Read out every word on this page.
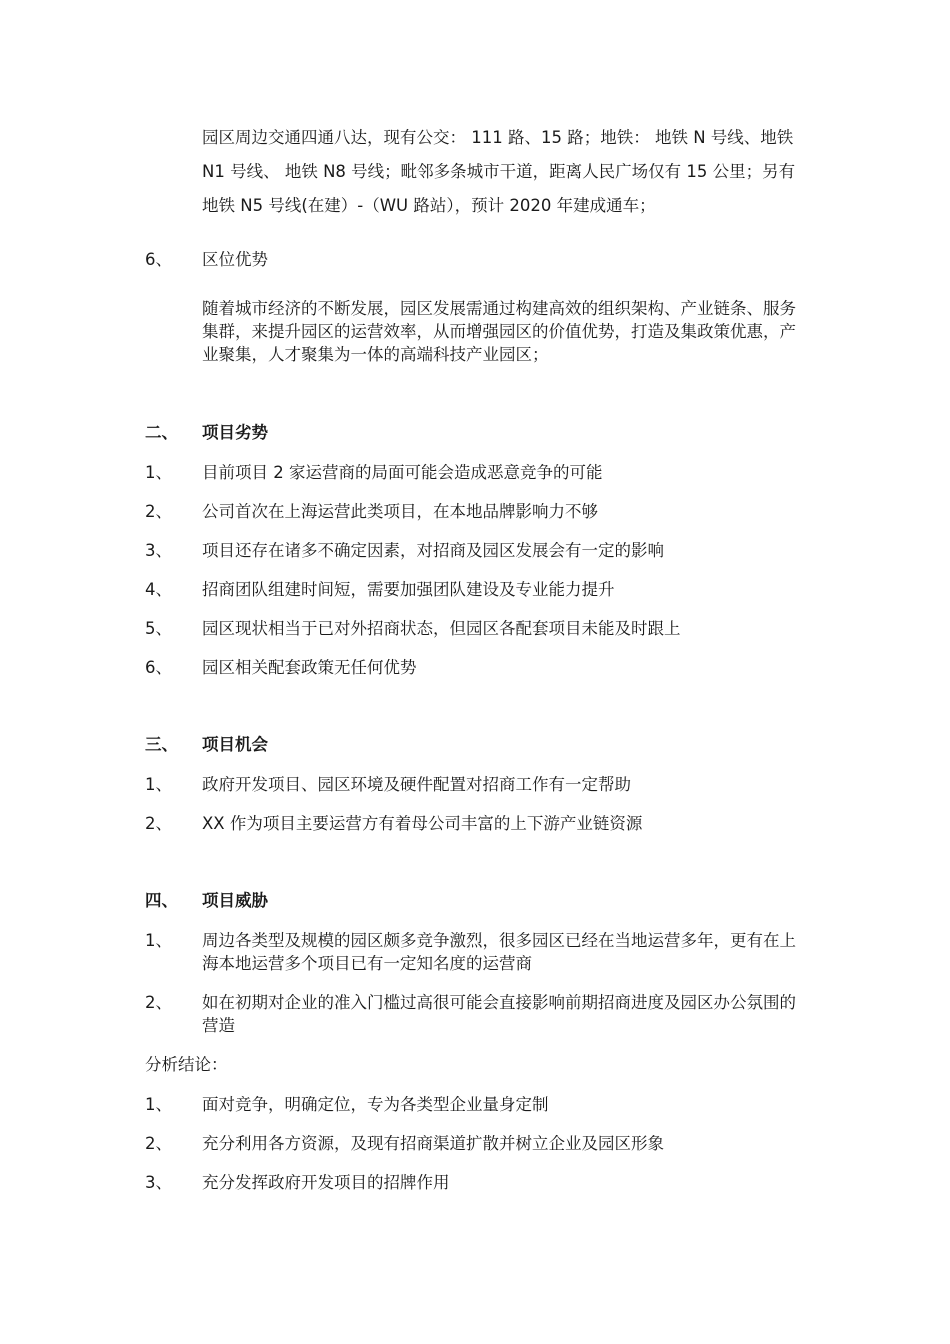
园区周边交通四通八达，现有公交： 111 路、15 路；地铁： 地铁 N 号线、地铁 N1 号线、 地铁 N8 号线；毗邻多条城市干道，距离人民广场仅有 15 公里；另有地铁 N5 号线(在建）-（WU 路站），预计 2020 年建成通车；

6、	区位优势

随着城市经济的不断发展，园区发展需通过构建高效的组织架构、产业链条、服务集群，来提升园区的运营效率，从而增强园区的价值优势，打造及集政策优惠，产业聚集，人才聚集为一体的高端科技产业园区；

二、	项目劣势
1、	目前项目 2 家运营商的局面可能会造成恶意竞争的可能
2、	公司首次在上海运营此类项目，在本地品牌影响力不够
3、	项目还存在诸多不确定因素，对招商及园区发展会有一定的影响
4、	招商团队组建时间短，需要加强团队建设及专业能力提升
5、	园区现状相当于已对外招商状态，但园区各配套项目未能及时跟上
6、	园区相关配套政策无任何优势
三、	项目机会
1、	政府开发项目、园区环境及硬件配置对招商工作有一定帮助
2、	XX 作为项目主要运营方有着母公司丰富的上下游产业链资源
四、	项目威胁
1、	周边各类型及规模的园区颇多竞争激烈，很多园区已经在当地运营多年，更有在上海本地运营多个项目已有一定知名度的运营商
2、	如在初期对企业的准入门槛过高很可能会直接影响前期招商进度及园区办公氛围的营造
分析结论：
1、	面对竞争，明确定位，专为各类型企业量身定制
2、	充分利用各方资源，及现有招商渠道扩散并树立企业及园区形象
3、	充分发挥政府开发项目的招牌作用
